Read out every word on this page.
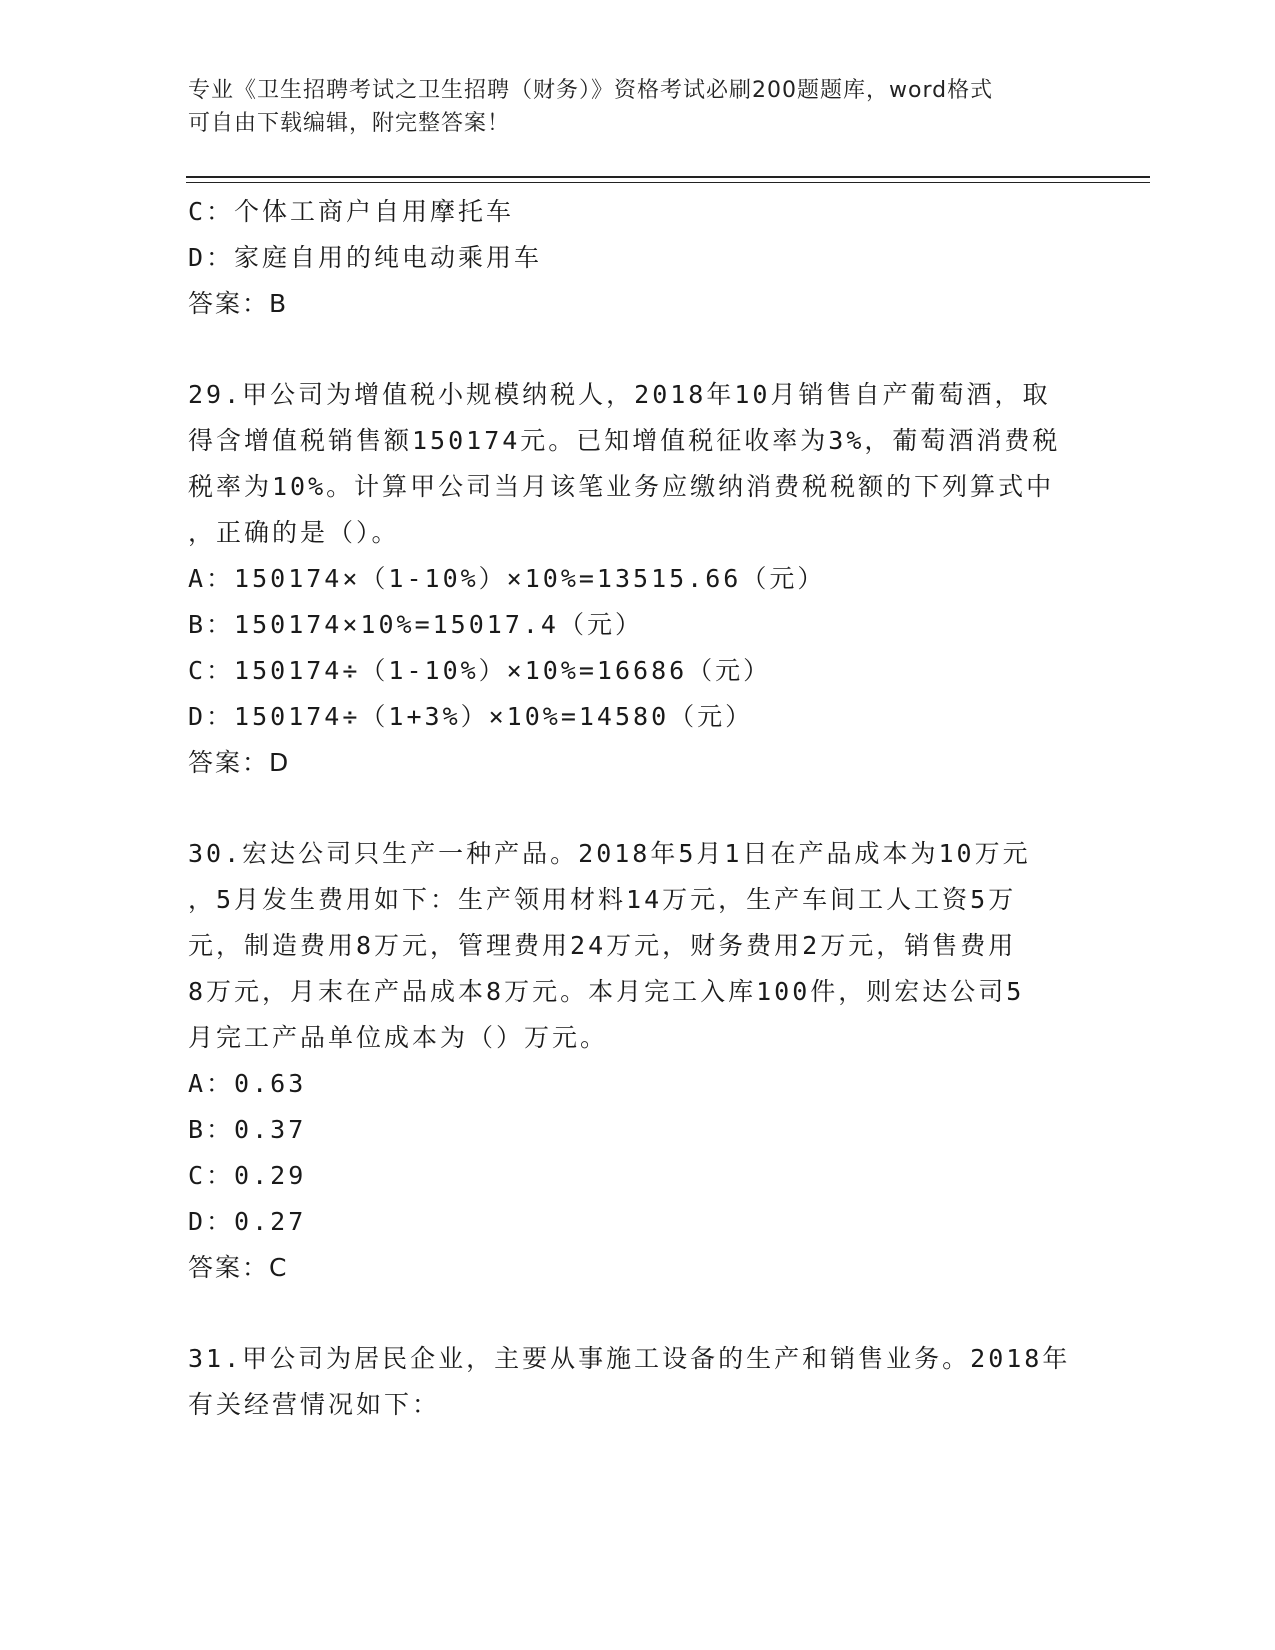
专业《卫生招聘考试之卫生招聘（财务）》资格考试必刷200题题库，word格式
可自由下载编辑，附完整答案！

C：个体工商户自用摩托车

D：家庭自用的纯电动乘用车

答案：B

29.甲公司为增值税小规模纳税人，2018年10月销售自产葡萄酒，取

得含增值税销售额150174元。已知增值税征收率为3%，葡萄酒消费税

税率为10%。计算甲公司当月该笔业务应缴纳消费税税额的下列算式中

，正确的是（）。

A：150174×（1-10%）×10%=13515.66（元）

B：150174×10%=15017.4（元）

C：150174÷（1-10%）×10%=16686（元）

D：150174÷（1+3%）×10%=14580（元）

答案：D

30.宏达公司只生产一种产品。2018年5月1日在产品成本为10万元

，5月发生费用如下：生产领用材料14万元，生产车间工人工资5万

元，制造费用8万元，管理费用24万元，财务费用2万元，销售费用

8万元，月末在产品成本8万元。本月完工入库100件，则宏达公司5

月完工产品单位成本为（）万元。

A：0.63

B：0.37

C：0.29

D：0.27

答案：C

31.甲公司为居民企业，主要从事施工设备的生产和销售业务。2018年

有关经营情况如下：
